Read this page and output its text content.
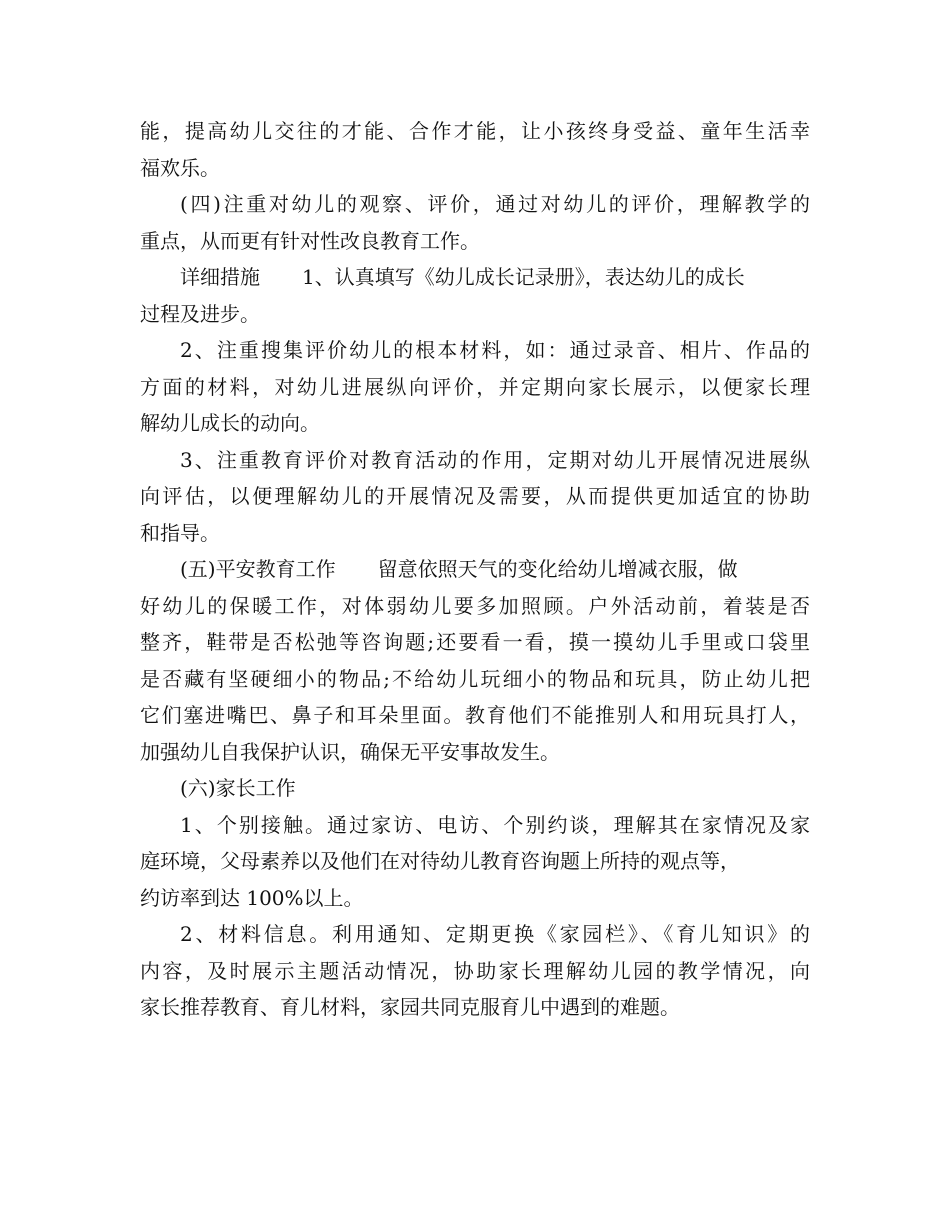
能，提高幼儿交往的才能、合作才能，让小孩终身受益、童年生活幸
福欢乐。
(四)注重对幼儿的观察、评价，通过对幼儿的评价，理解教学的
重点，从而更有针对性改良教育工作。
详细措施 1、认真填写《幼儿成长记录册》，表达幼儿的成长
过程及进步。
2、注重搜集评价幼儿的根本材料，如：通过录音、相片、作品的
方面的材料，对幼儿进展纵向评价，并定期向家长展示，以便家长理
解幼儿成长的动向。
3、注重教育评价对教育活动的作用，定期对幼儿开展情况进展纵
向评估，以便理解幼儿的开展情况及需要，从而提供更加适宜的协助
和指导。
(五)平安教育工作 留意依照天气的变化给幼儿增减衣服，做
好幼儿的保暖工作，对体弱幼儿要多加照顾。户外活动前，着装是否
整齐，鞋带是否松弛等咨询题;还要看一看，摸一摸幼儿手里或口袋里
是否藏有坚硬细小的物品;不给幼儿玩细小的物品和玩具，防止幼儿把
它们塞进嘴巴、鼻子和耳朵里面。教育他们不能推别人和用玩具打人，
加强幼儿自我保护认识，确保无平安事故发生。
(六)家长工作
1、个别接触。通过家访、电访、个别约谈，理解其在家情况及家
庭环境，父母素养以及他们在对待幼儿教育咨询题上所持的观点等，
约访率到达 100%以上。
2、材料信息。利用通知、定期更换《家园栏》、《育儿知识》的
内容，及时展示主题活动情况，协助家长理解幼儿园的教学情况，向
家长推荐教育、育儿材料，家园共同克服育儿中遇到的难题。
